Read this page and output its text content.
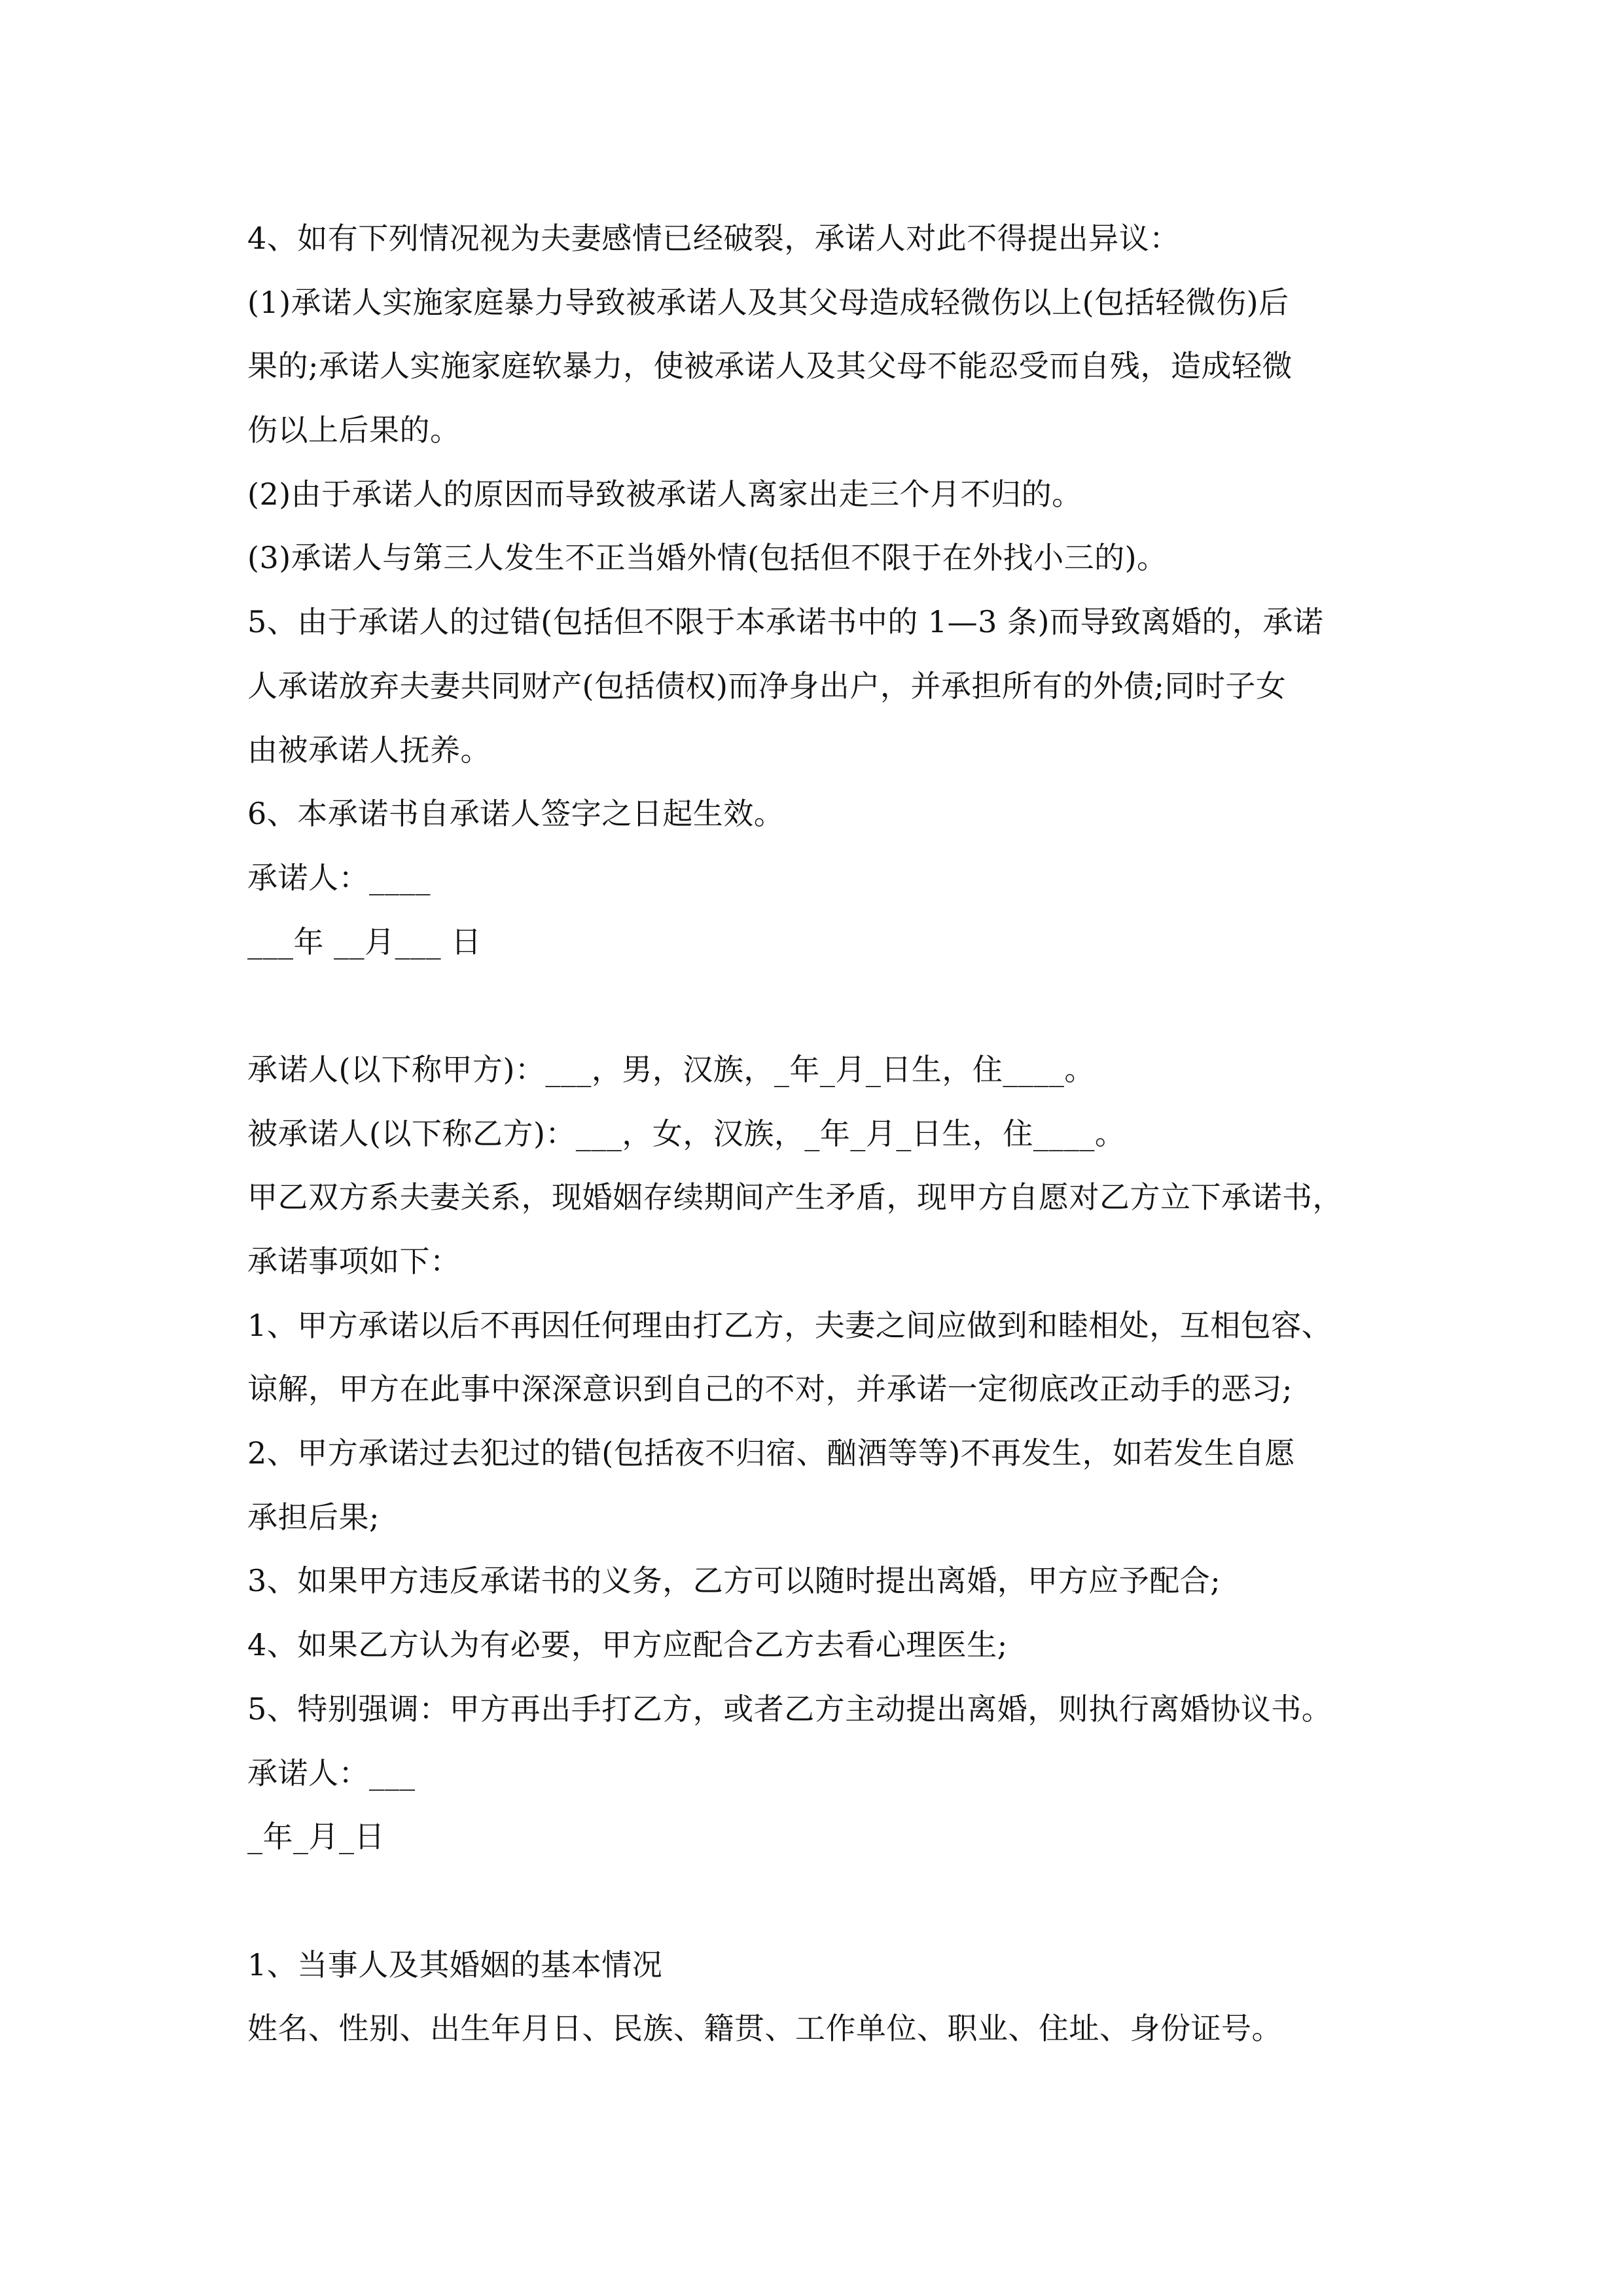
4、如有下列情况视为夫妻感情已经破裂，承诺人对此不得提出异议：
(1)承诺人实施家庭暴力导致被承诺人及其父母造成轻微伤以上(包括轻微伤)后
果的;承诺人实施家庭软暴力，使被承诺人及其父母不能忍受而自残，造成轻微
伤以上后果的。
(2)由于承诺人的原因而导致被承诺人离家出走三个月不归的。
(3)承诺人与第三人发生不正当婚外情(包括但不限于在外找小三的)。
5、由于承诺人的过错(包括但不限于本承诺书中的 1—3 条)而导致离婚的，承诺
人承诺放弃夫妻共同财产(包括债权)而净身出户，并承担所有的外债;同时子女
由被承诺人抚养。
6、本承诺书自承诺人签字之日起生效。
承诺人：____
___年 __月___ 日
承诺人(以下称甲方)：___，男，汉族，_年_月_日生，住____。
被承诺人(以下称乙方)：___，女，汉族，_年_月_日生，住____。
甲乙双方系夫妻关系，现婚姻存续期间产生矛盾，现甲方自愿对乙方立下承诺书，
承诺事项如下：
1、甲方承诺以后不再因任何理由打乙方，夫妻之间应做到和睦相处，互相包容、
谅解，甲方在此事中深深意识到自己的不对，并承诺一定彻底改正动手的恶习;
2、甲方承诺过去犯过的错(包括夜不归宿、酗酒等等)不再发生，如若发生自愿
承担后果;
3、如果甲方违反承诺书的义务，乙方可以随时提出离婚，甲方应予配合;
4、如果乙方认为有必要，甲方应配合乙方去看心理医生;
5、特别强调：甲方再出手打乙方，或者乙方主动提出离婚，则执行离婚协议书。
承诺人：___
_年_月_日
1、当事人及其婚姻的基本情况
姓名、性别、出生年月日、民族、籍贯、工作单位、职业、住址、身份证号。
